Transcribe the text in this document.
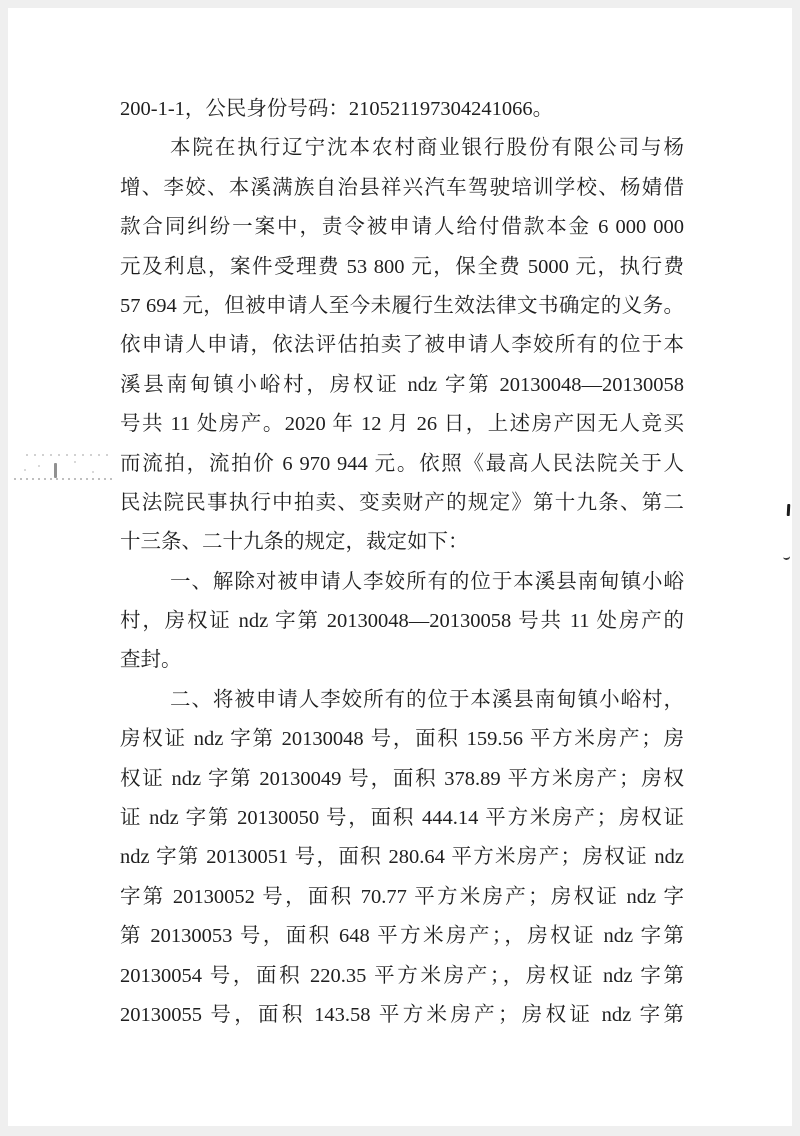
200-1-1，公民身份号码：210521197304241066。
本院在执行辽宁沈本农村商业银行股份有限公司与杨
增、李姣、本溪满族自治县祥兴汽车驾驶培训学校、杨婧借
款合同纠纷一案中，责令被申请人给付借款本金 6 000 000
元及利息，案件受理费 53 800 元，保全费 5000 元，执行费
57 694 元，但被申请人至今未履行生效法律文书确定的义务。
依申请人申请，依法评估拍卖了被申请人李姣所有的位于本
溪县南甸镇小峪村，房权证 ndz 字第 20130048—20130058
号共 11 处房产。2020 年 12 月 26 日，上述房产因无人竞买
而流拍，流拍价 6 970 944 元。依照《最高人民法院关于人
民法院民事执行中拍卖、变卖财产的规定》第十九条、第二
十三条、二十九条的规定，裁定如下：
一、解除对被申请人李姣所有的位于本溪县南甸镇小峪
村，房权证 ndz 字第 20130048—20130058 号共 11 处房产的
查封。
二、将被申请人李姣所有的位于本溪县南甸镇小峪村，
房权证 ndz 字第 20130048 号，面积 159.56 平方米房产；房
权证 ndz 字第 20130049 号，面积 378.89 平方米房产；房权
证 ndz 字第 20130050 号，面积 444.14 平方米房产；房权证
ndz 字第 20130051 号，面积 280.64 平方米房产；房权证 ndz
字第 20130052 号，面积 70.77 平方米房产；房权证 ndz 字
第 20130053 号，面积 648 平方米房产；，房权证 ndz 字第
20130054 号，面积 220.35 平方米房产；，房权证 ndz 字第
20130055 号，面积 143.58 平方米房产；房权证 ndz 字第
